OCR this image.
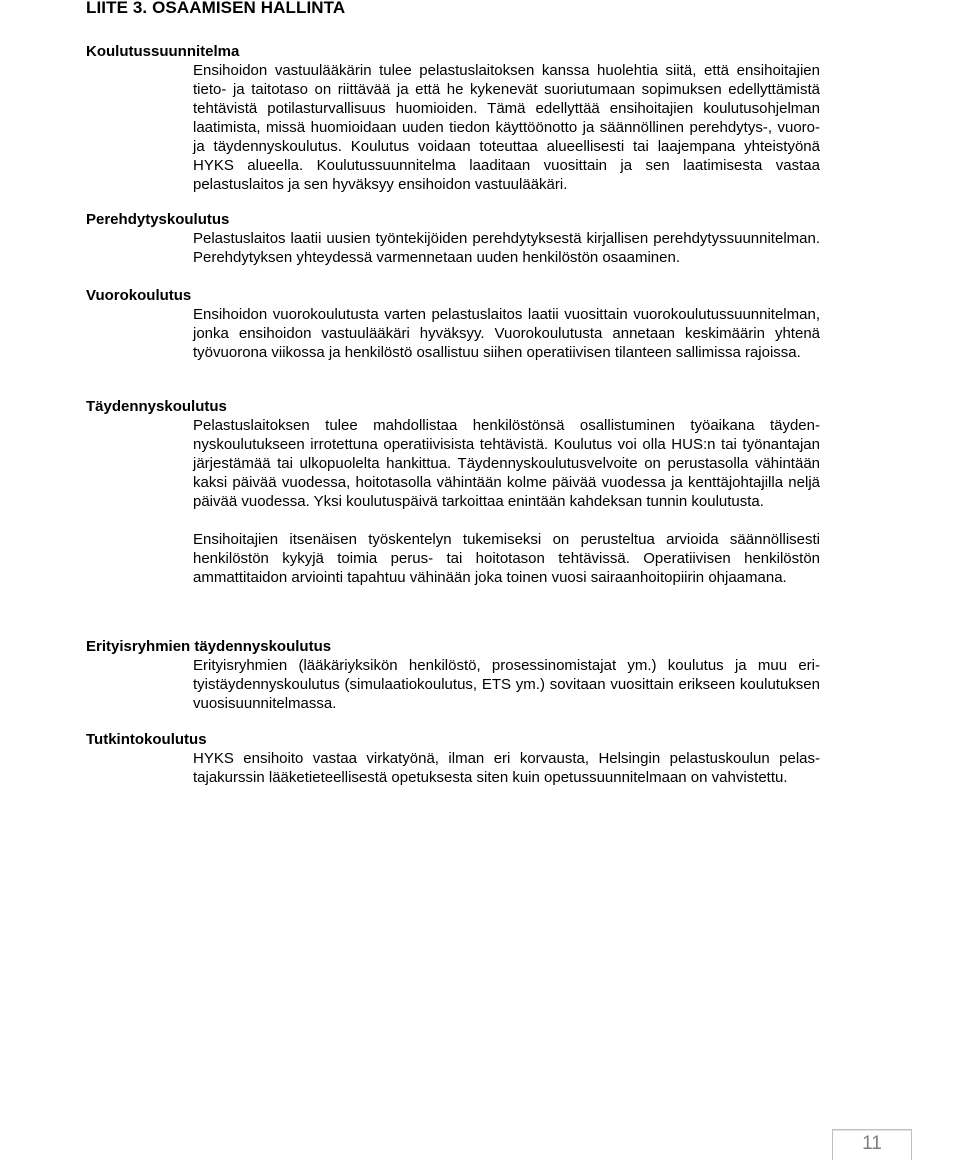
LIITE 3. OSAAMISEN HALLINTA
Koulutussuunnitelma

Ensihoidon vastuulääkärin tulee pelastuslaitoksen kanssa huolehtia siitä, että ensihoitajien tieto- ja taitotaso on riittävää ja että he kykenevät suoriutumaan sopimuksen edellyttämistä tehtävistä potilasturvallisuus huomioiden. Tämä edellyttää ensihoitajien koulutusohjelman laatimista, missä huomioidaan uuden tiedon käyttöönotto ja säännöllinen perehdytys-, vuoro- ja täydennyskoulutus. Koulutus voidaan toteuttaa alueellisesti tai laajempana yhteistyönä HYKS alueella. Koulutussuunnitelma laaditaan vuosittain ja sen laatimisesta vastaa pelastuslaitos ja sen hyväksyy ensihoidon vastuulääkäri.

Perehdytyskoulutus

Pelastuslaitos laatii uusien työntekijöiden perehdytyksestä kirjallisen perehdytyssuunnitelman. Perehdytyksen yhteydessä varmennetaan uuden henkilöstön osaaminen.

Vuorokoulutus

Ensihoidon vuorokoulutusta varten pelastuslaitos laatii vuosittain vuorokoulutussuunnitelman, jonka ensihoidon vastuulääkäri hyväksyy. Vuorokoulutusta annetaan keskimäärin yhtenä työvuorona viikossa ja henkilöstö osallistuu siihen operatiivisen tilanteen sallimissa rajoissa.

Täydennyskoulutus

Pelastuslaitoksen tulee mahdollistaa henkilöstönsä osallistuminen työaikana täydennyskoulutukseen irrotettuna operatiivisista tehtävistä. Koulutus voi olla HUS:n tai työnantajan järjestämää tai ulkopuolelta hankittua. Täydennyskoulutusvelvoite on perustasolla vähintään kaksi päivää vuodessa, hoitotasolla vähintään kolme päivää vuodessa ja kenttäjohtajilla neljä päivää vuodessa. Yksi koulutuspäivä tarkoittaa enintään kahdeksan tunnin koulutusta.

Ensihoitajien itsenäisen työskentelyn tukemiseksi on perusteltua arvioida säännöllisesti henkilöstön kykyjä toimia perus- tai hoitotason tehtävissä. Operatiivisen henkilöstön ammattitaidon arviointi tapahtuu vähinään joka toinen vuosi sairaanhoitopiirin ohjaamana.

Erityisryhmien täydennyskoulutus

Erityisryhmien (lääkäriyksikön henkilöstö, prosessinomistajat ym.) koulutus ja muu erityistäydennyskoulutus (simulaatiokoulutus, ETS ym.) sovitaan vuosittain erikseen koulutuksen vuosisuunnitelmassa.

Tutkintokoulutus

HYKS ensihoito vastaa virkatyönä, ilman eri korvausta, Helsingin pelastuskoulun pelastajakurssin lääketieteellisestä opetuksesta siten kuin opetussuunnitelmaan on vahvistettu.

11
